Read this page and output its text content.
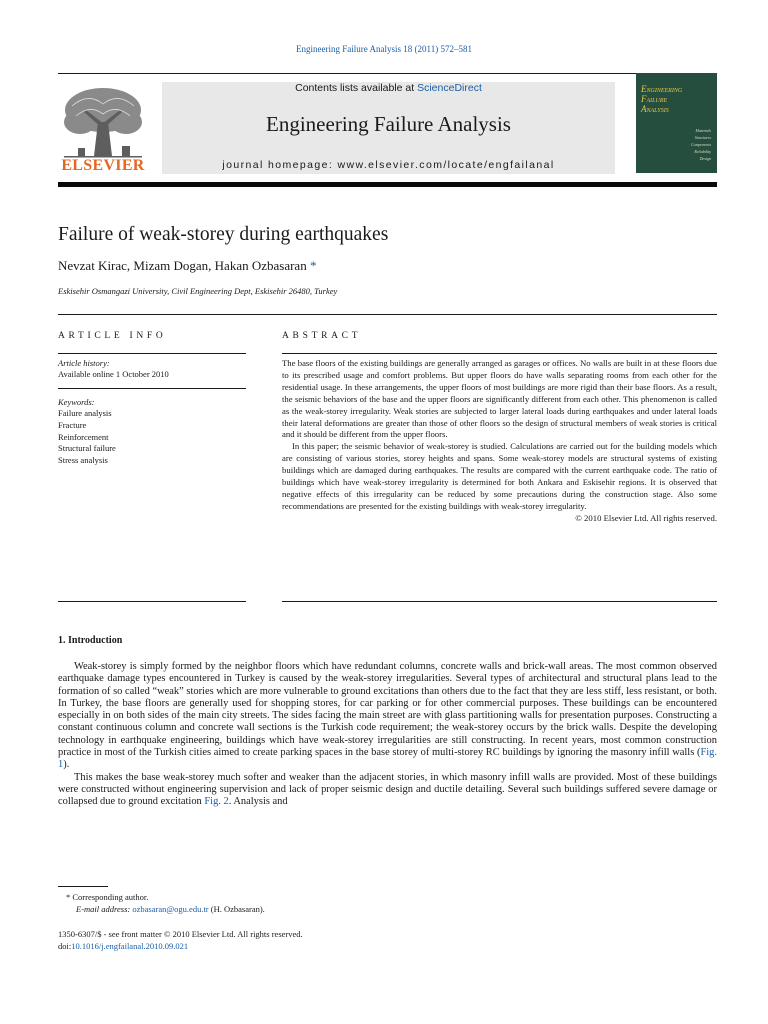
Engineering Failure Analysis 18 (2011) 572–581
ELSEVIER
Contents lists available at ScienceDirect
Engineering Failure Analysis
journal homepage: www.elsevier.com/locate/engfailanal
Engineering
Failure
Analysis
Materials
Structures
Components
Reliability
Design
Failure of weak-storey during earthquakes
Nevzat Kirac, Mizam Dogan, Hakan Ozbasaran *
Eskisehir Osmangazi University, Civil Engineering Dept, Eskisehir 26480, Turkey
ARTICLE INFO	ABSTRACT
Article history:
Available online 1 October 2010
Keywords:
Failure analysis
Fracture
Reinforcement
Structural failure
Stress analysis

The base floors of the existing buildings are generally arranged as garages or offices. No walls are built in at these floors due to its prescribed usage and comfort problems. But upper floors do have walls separating rooms from each other for the residential usage. In these arrangements, the upper floors of most buildings are more rigid than their base floors. As a result, the seismic behaviors of the base and the upper floors are significantly different from each other. This phenomenon is called as the weak-storey irregularity. Weak stories are subjected to larger lateral loads during earthquakes and under lateral loads their lateral deformations are greater than those of other floors so the design of structural members of weak stories is critical and it should be different from the upper floors.

In this paper; the seismic behavior of weak-storey is studied. Calculations are carried out for the building models which are consisting of various stories, storey heights and spans. Some weak-storey models are structural systems of existing buildings which are damaged during earthquakes. The results are compared with the current earthquake code. The ratio of buildings which have weak-storey irregularity is determined for both Ankara and Eskisehir regions. It is observed that negative effects of this irregularity can be reduced by some precautions during the construction stage. Also some recommendations are presented for the existing buildings with weak-storey irregularity.

© 2010 Elsevier Ltd. All rights reserved.

1. Introduction

Weak-storey is simply formed by the neighbor floors which have redundant columns, concrete walls and brick-wall areas. The most common observed earthquake damage types encountered in Turkey is caused by the weak-storey irregularities. Several types of architectural and structural plans lead to the formation of so called “weak” stories which are more vulnerable to ground excitations than others due to the fact that they are less stiff, less resistant, or both. In Turkey, the base floors are generally used for shopping stores, for car parking or for other commercial purposes. These buildings can be encountered especially in on both sides of the main city streets. The sides facing the main street are with glass partitioning walls for presentation purposes. Constructing a constant continuous column and concrete wall sections is the Turkish code requirement; the weak-storey occurs by the brick walls. Despite the developing technology in earthquake engineering, buildings which have weak-storey irregularities are still constructing. In recent years, most common construction practice in most of the Turkish cities aimed to create parking spaces in the base storey of multi-storey RC buildings by ignoring the masonry infill walls (Fig. 1).

This makes the base weak-storey much softer and weaker than the adjacent stories, in which masonry infill walls are provided. Most of these buildings were constructed without engineering supervision and lack of proper seismic design and ductile detailing. Several such buildings suffered severe damage or collapsed due to ground excitation Fig. 2. Analysis and

* Corresponding author.
E-mail address: ozbasaran@ogu.edu.tr (H. Ozbasaran).
1350-6307/$ - see front matter © 2010 Elsevier Ltd. All rights reserved.
doi:10.1016/j.engfailanal.2010.09.021
